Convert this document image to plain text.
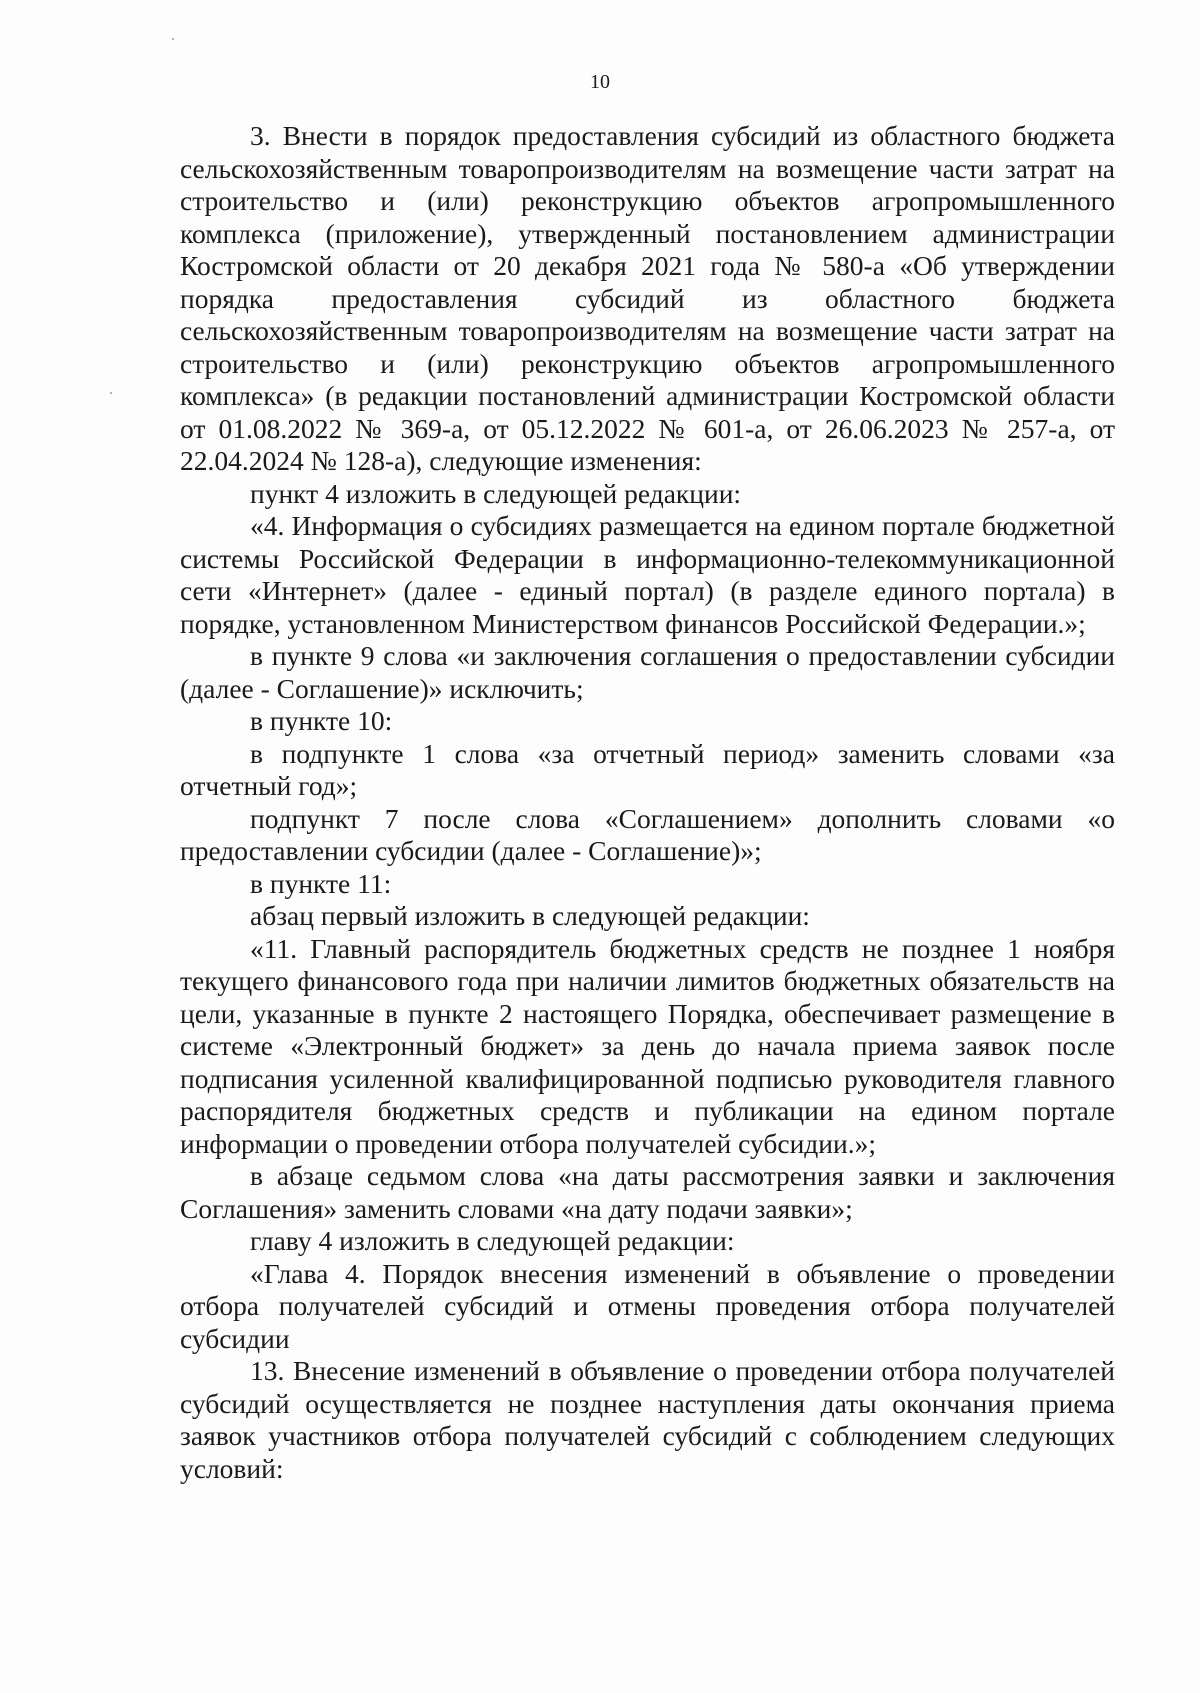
10

3. Внести в порядок предоставления субсидий из областного бюджета сельскохозяйственным товаропроизводителям на возмещение части затрат на строительство и (или) реконструкцию объектов агропромышленного комплекса (приложение), утвержденный постановлением администрации Костромской области от 20 декабря 2021 года № 580-а «Об утверждении порядка предоставления субсидий из областного бюджета сельскохозяйственным товаропроизводителям на возмещение части затрат на строительство и (или) реконструкцию объектов агропромышленного комплекса» (в редакции постановлений администрации Костромской области от 01.08.2022 № 369-а, от 05.12.2022 № 601-а, от 26.06.2023 № 257-а, от 22.04.2024 № 128-а), следующие изменения:

пункт 4 изложить в следующей редакции:

«4. Информация о субсидиях размещается на едином портале бюджетной системы Российской Федерации в информационно-телекоммуникационной сети «Интернет» (далее - единый портал) (в разделе единого портала) в порядке, установленном Министерством финансов Российской Федерации.»;

в пункте 9 слова «и заключения соглашения о предоставлении субсидии (далее - Соглашение)» исключить;

в пункте 10:

в подпункте 1 слова «за отчетный период» заменить словами «за отчетный год»;

подпункт 7 после слова «Соглашением» дополнить словами «о предоставлении субсидии (далее - Соглашение)»;

в пункте 11:

абзац первый изложить в следующей редакции:

«11. Главный распорядитель бюджетных средств не позднее 1 ноября текущего финансового года при наличии лимитов бюджетных обязательств на цели, указанные в пункте 2 настоящего Порядка, обеспечивает размещение в системе «Электронный бюджет» за день до начала приема заявок после подписания усиленной квалифицированной подписью руководителя главного распорядителя бюджетных средств и публикации на едином портале информации о проведении отбора получателей субсидии.»;

в абзаце седьмом слова «на даты рассмотрения заявки и заключения Соглашения» заменить словами «на дату подачи заявки»;

главу 4 изложить в следующей редакции:

«Глава 4. Порядок внесения изменений в объявление о проведении отбора получателей субсидий и отмены проведения отбора получателей субсидии

13. Внесение изменений в объявление о проведении отбора получателей субсидий осуществляется не позднее наступления даты окончания приема заявок участников отбора получателей субсидий с соблюдением следующих условий:
